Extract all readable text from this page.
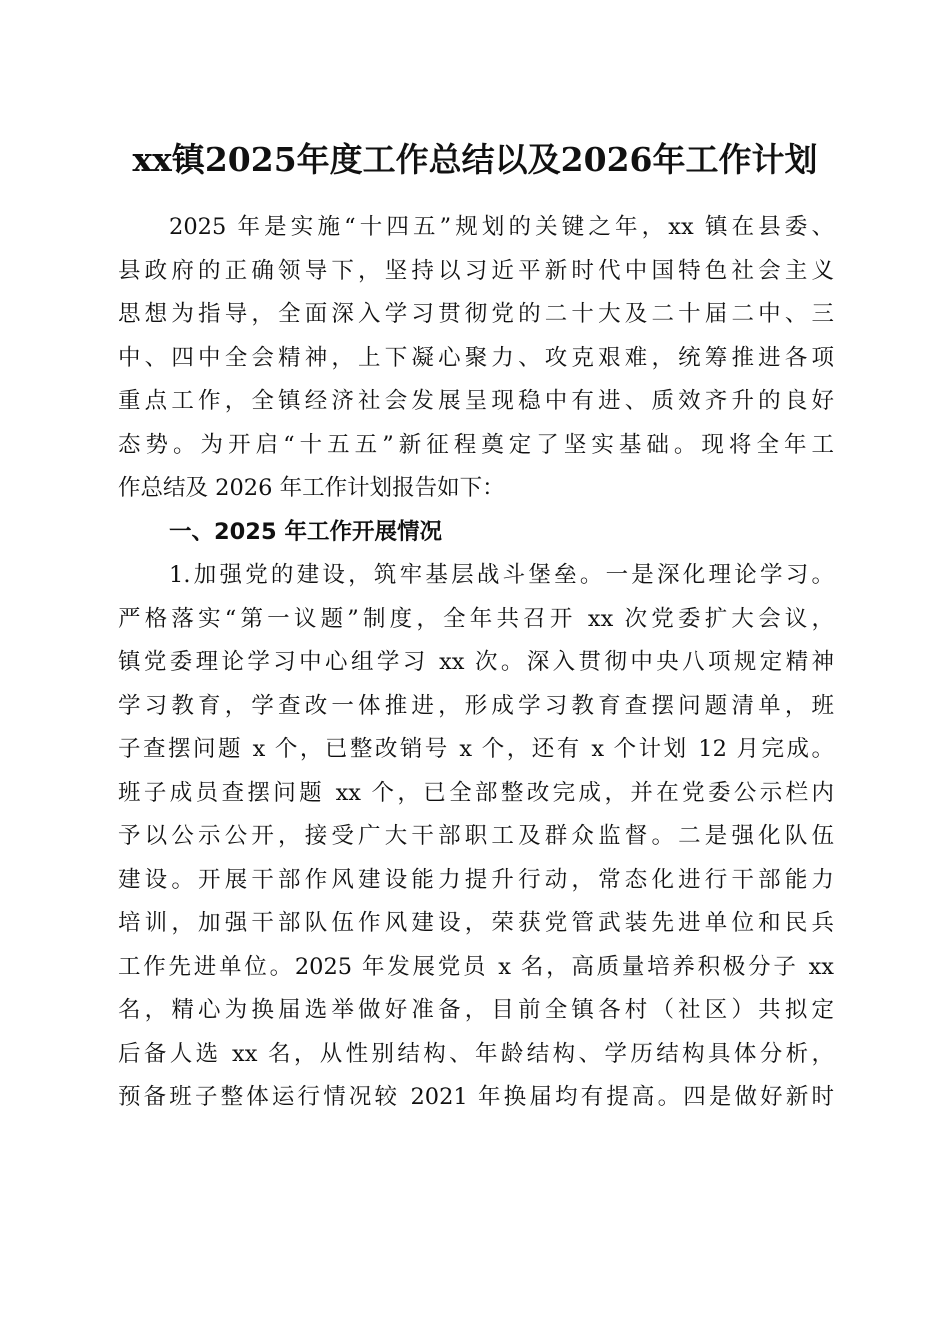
xx镇2025年度工作总结以及2026年工作计划
2025 年是实施“十四五”规划的关键之年，xx 镇在县委、
县政府的正确领导下，坚持以习近平新时代中国特色社会主义
思想为指导，全面深入学习贯彻党的二十大及二十届二中、三
中、四中全会精神，上下凝心聚力、攻克艰难，统筹推进各项
重点工作，全镇经济社会发展呈现稳中有进、质效齐升的良好
态势。为开启“十五五”新征程奠定了坚实基础。现将全年工
作总结及 2026 年工作计划报告如下：
一、2025 年工作开展情况
1.加强党的建设，筑牢基层战斗堡垒。一是深化理论学习。
严格落实“第一议题”制度，全年共召开 xx 次党委扩大会议，
镇党委理论学习中心组学习 xx 次。深入贯彻中央八项规定精神
学习教育，学查改一体推进，形成学习教育查摆问题清单，班
子查摆问题 x 个，已整改销号 x 个，还有 x 个计划 12 月完成。
班子成员查摆问题 xx 个，已全部整改完成，并在党委公示栏内
予以公示公开，接受广大干部职工及群众监督。二是强化队伍
建设。开展干部作风建设能力提升行动，常态化进行干部能力
培训，加强干部队伍作风建设，荣获党管武装先进单位和民兵
工作先进单位。2025 年发展党员 x 名，高质量培养积极分子 xx
名，精心为换届选举做好准备，目前全镇各村（社区）共拟定
后备人选 xx 名，从性别结构、年龄结构、学历结构具体分析，
预备班子整体运行情况较 2021 年换届均有提高。四是做好新时
